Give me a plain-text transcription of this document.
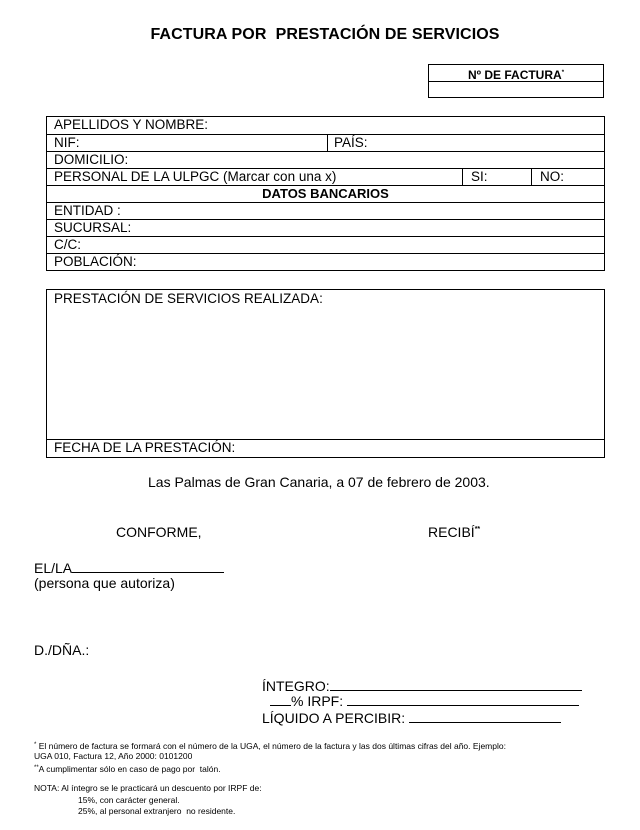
FACTURA POR  PRESTACIÓN DE SERVICIOS
Nº DE FACTURA*
APELLIDOS Y NOMBRE:
NIF:	PAÍS:
DOMICILIO:
PERSONAL DE LA ULPGC (Marcar con una x)	SI:	NO:
DATOS BANCARIOS
ENTIDAD :
SUCURSAL:
C/C:
POBLACIÓN:
PRESTACIÓN DE SERVICIOS REALIZADA:
FECHA DE LA PRESTACIÓN:
Las Palmas de Gran Canaria, a 07 de febrero de 2003.
CONFORME,	RECIBÍ**
EL/LA
(persona que autoriza)
D./DÑA.:
ÍNTEGRO:
% IRPF:
LÍQUIDO A PERCIBIR:
* El número de factura se formará con el número de la UGA, el número de la factura y las dos últimas cifras del año. Ejemplo:
UGA 010, Factura 12, Año 2000: 0101200
**A cumplimentar sólo en caso de pago por  talón.
NOTA: Al íntegro se le practicará un descuento por IRPF de:
15%, con carácter general.
25%, al personal extranjero  no residente.
